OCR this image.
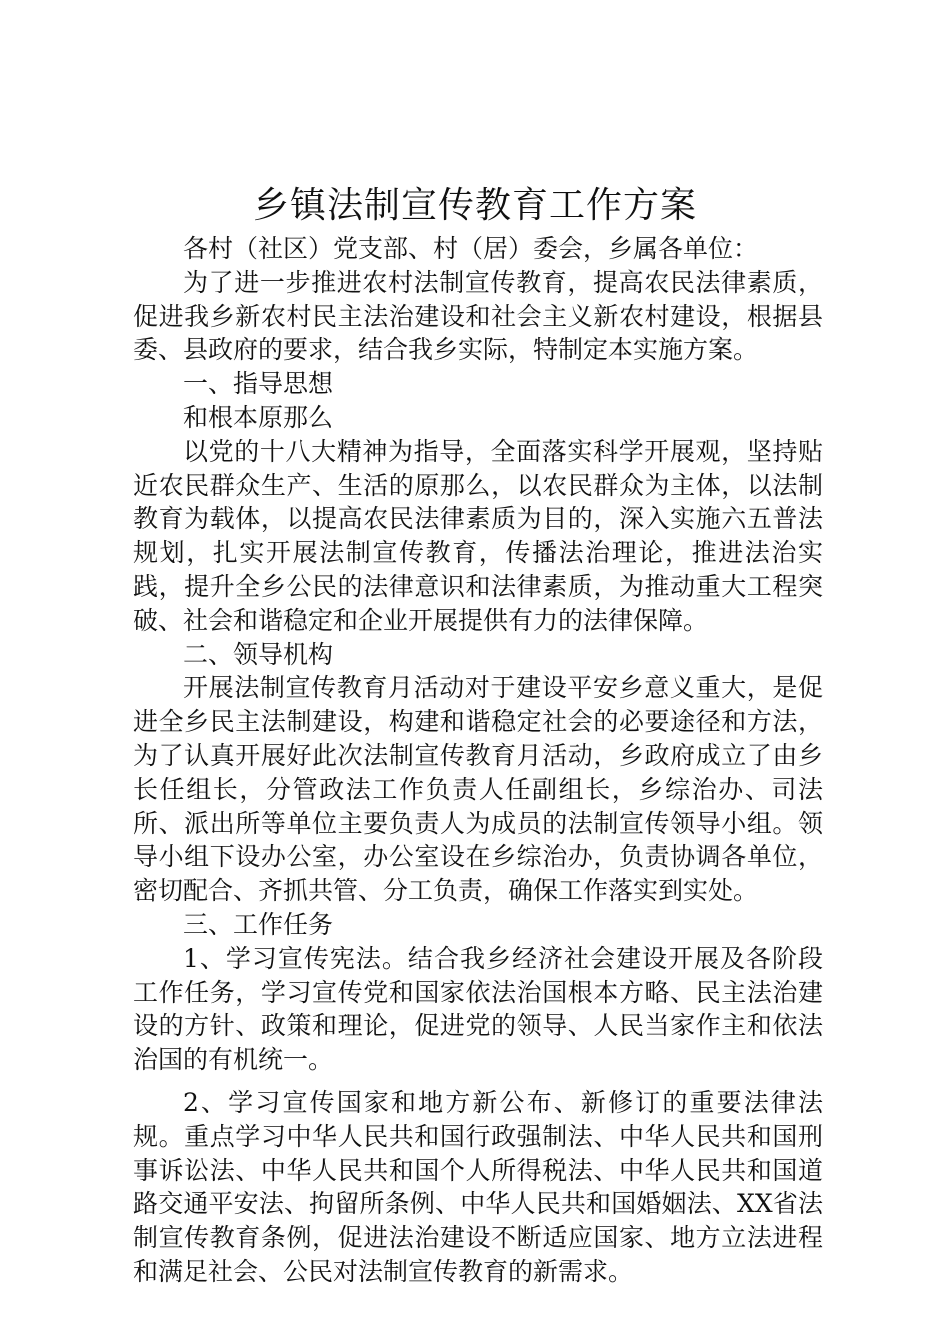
乡镇法制宣传教育工作方案

各村（社区）党支部、村（居）委会，乡属各单位：

为了进一步推进农村法制宣传教育，提高农民法律素质，促进我乡新农村民主法治建设和社会主义新农村建设，根据县委、县政府的要求，结合我乡实际，特制定本实施方案。

一、指导思想

和根本原那么

以党的十八大精神为指导，全面落实科学开展观，坚持贴近农民群众生产、生活的原那么，以农民群众为主体，以法制教育为载体，以提高农民法律素质为目的，深入实施六五普法规划，扎实开展法制宣传教育，传播法治理论，推进法治实践，提升全乡公民的法律意识和法律素质，为推动重大工程突破、社会和谐稳定和企业开展提供有力的法律保障。

二、领导机构

开展法制宣传教育月活动对于建设平安乡意义重大，是促进全乡民主法制建设，构建和谐稳定社会的必要途径和方法，为了认真开展好此次法制宣传教育月活动，乡政府成立了由乡长任组长，分管政法工作负责人任副组长，乡综治办、司法所、派出所等单位主要负责人为成员的法制宣传领导小组。领导小组下设办公室，办公室设在乡综治办，负责协调各单位，密切配合、齐抓共管、分工负责，确保工作落实到实处。

三、工作任务

1、学习宣传宪法。结合我乡经济社会建设开展及各阶段工作任务，学习宣传党和国家依法治国根本方略、民主法治建设的方针、政策和理论，促进党的领导、人民当家作主和依法治国的有机统一。

2、学习宣传国家和地方新公布、新修订的重要法律法规。重点学习中华人民共和国行政强制法、中华人民共和国刑事诉讼法、中华人民共和国个人所得税法、中华人民共和国道路交通平安法、拘留所条例、中华人民共和国婚姻法、XX省法制宣传教育条例，促进法治建设不断适应国家、地方立法进程和满足社会、公民对法制宣传教育的新需求。
